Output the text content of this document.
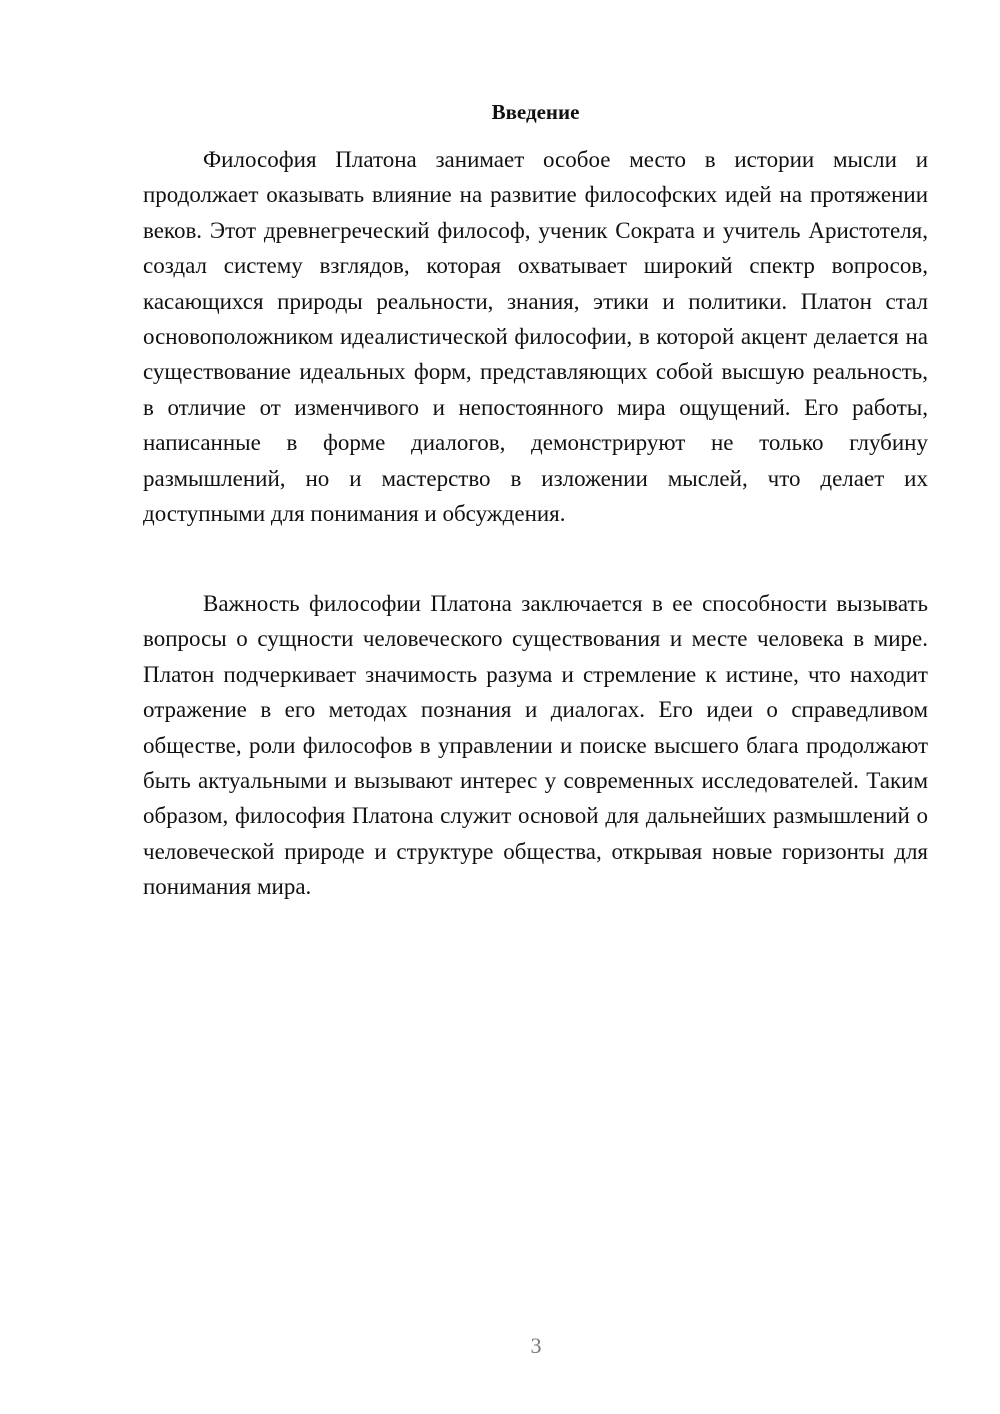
Введение

Философия Платона занимает особое место в истории мысли и продолжает оказывать влияние на развитие философских идей на протяжении веков. Этот древнегреческий философ, ученик Сократа и учитель Аристотеля, создал систему взглядов, которая охватывает широкий спектр вопросов, касающихся природы реальности, знания, этики и политики. Платон стал основоположником идеалистической философии, в которой акцент делается на существование идеальных форм, представляющих собой высшую реальность, в отличие от изменчивого и непостоянного мира ощущений. Его работы, написанные в форме диалогов, демонстрируют не только глубину размышлений, но и мастерство в изложении мыслей, что делает их доступными для понимания и обсуждения.

Важность философии Платона заключается в ее способности вызывать вопросы о сущности человеческого существования и месте человека в мире. Платон подчеркивает значимость разума и стремление к истине, что находит отражение в его методах познания и диалогах. Его идеи о справедливом обществе, роли философов в управлении и поиске высшего блага продолжают быть актуальными и вызывают интерес у современных исследователей. Таким образом, философия Платона служит основой для дальнейших размышлений о человеческой природе и структуре общества, открывая новые горизонты для понимания мира.

3
